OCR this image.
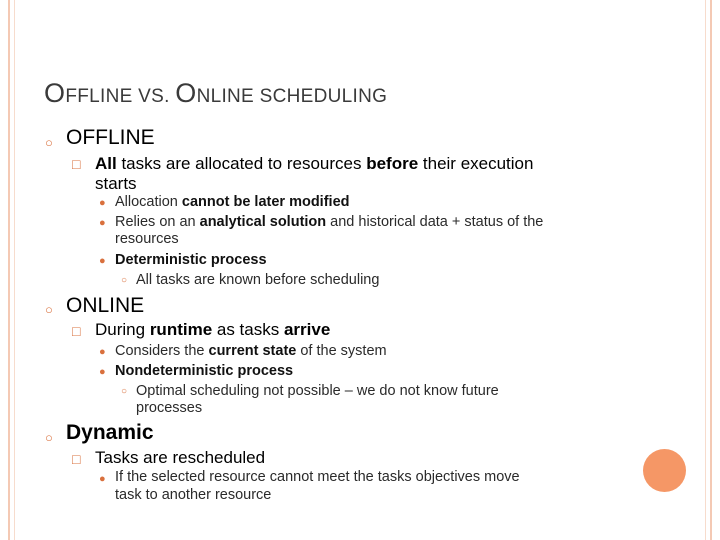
OFFLINE VS. ONLINE SCHEDULING
○ OFFLINE
□ All tasks are allocated to resources before their execution
starts
● Allocation cannot be later modified
● Relies on an analytical solution and historical data + status of the
resources
● Deterministic process
○ All tasks are known before scheduling
○ ONLINE
□ During runtime as tasks arrive
● Considers the current state of the system
● Nondeterministic process
○ Optimal scheduling not possible – we do not know future
processes
○ Dynamic
□ Tasks are rescheduled
● If the selected resource cannot meet the tasks objectives move
task to another resource
